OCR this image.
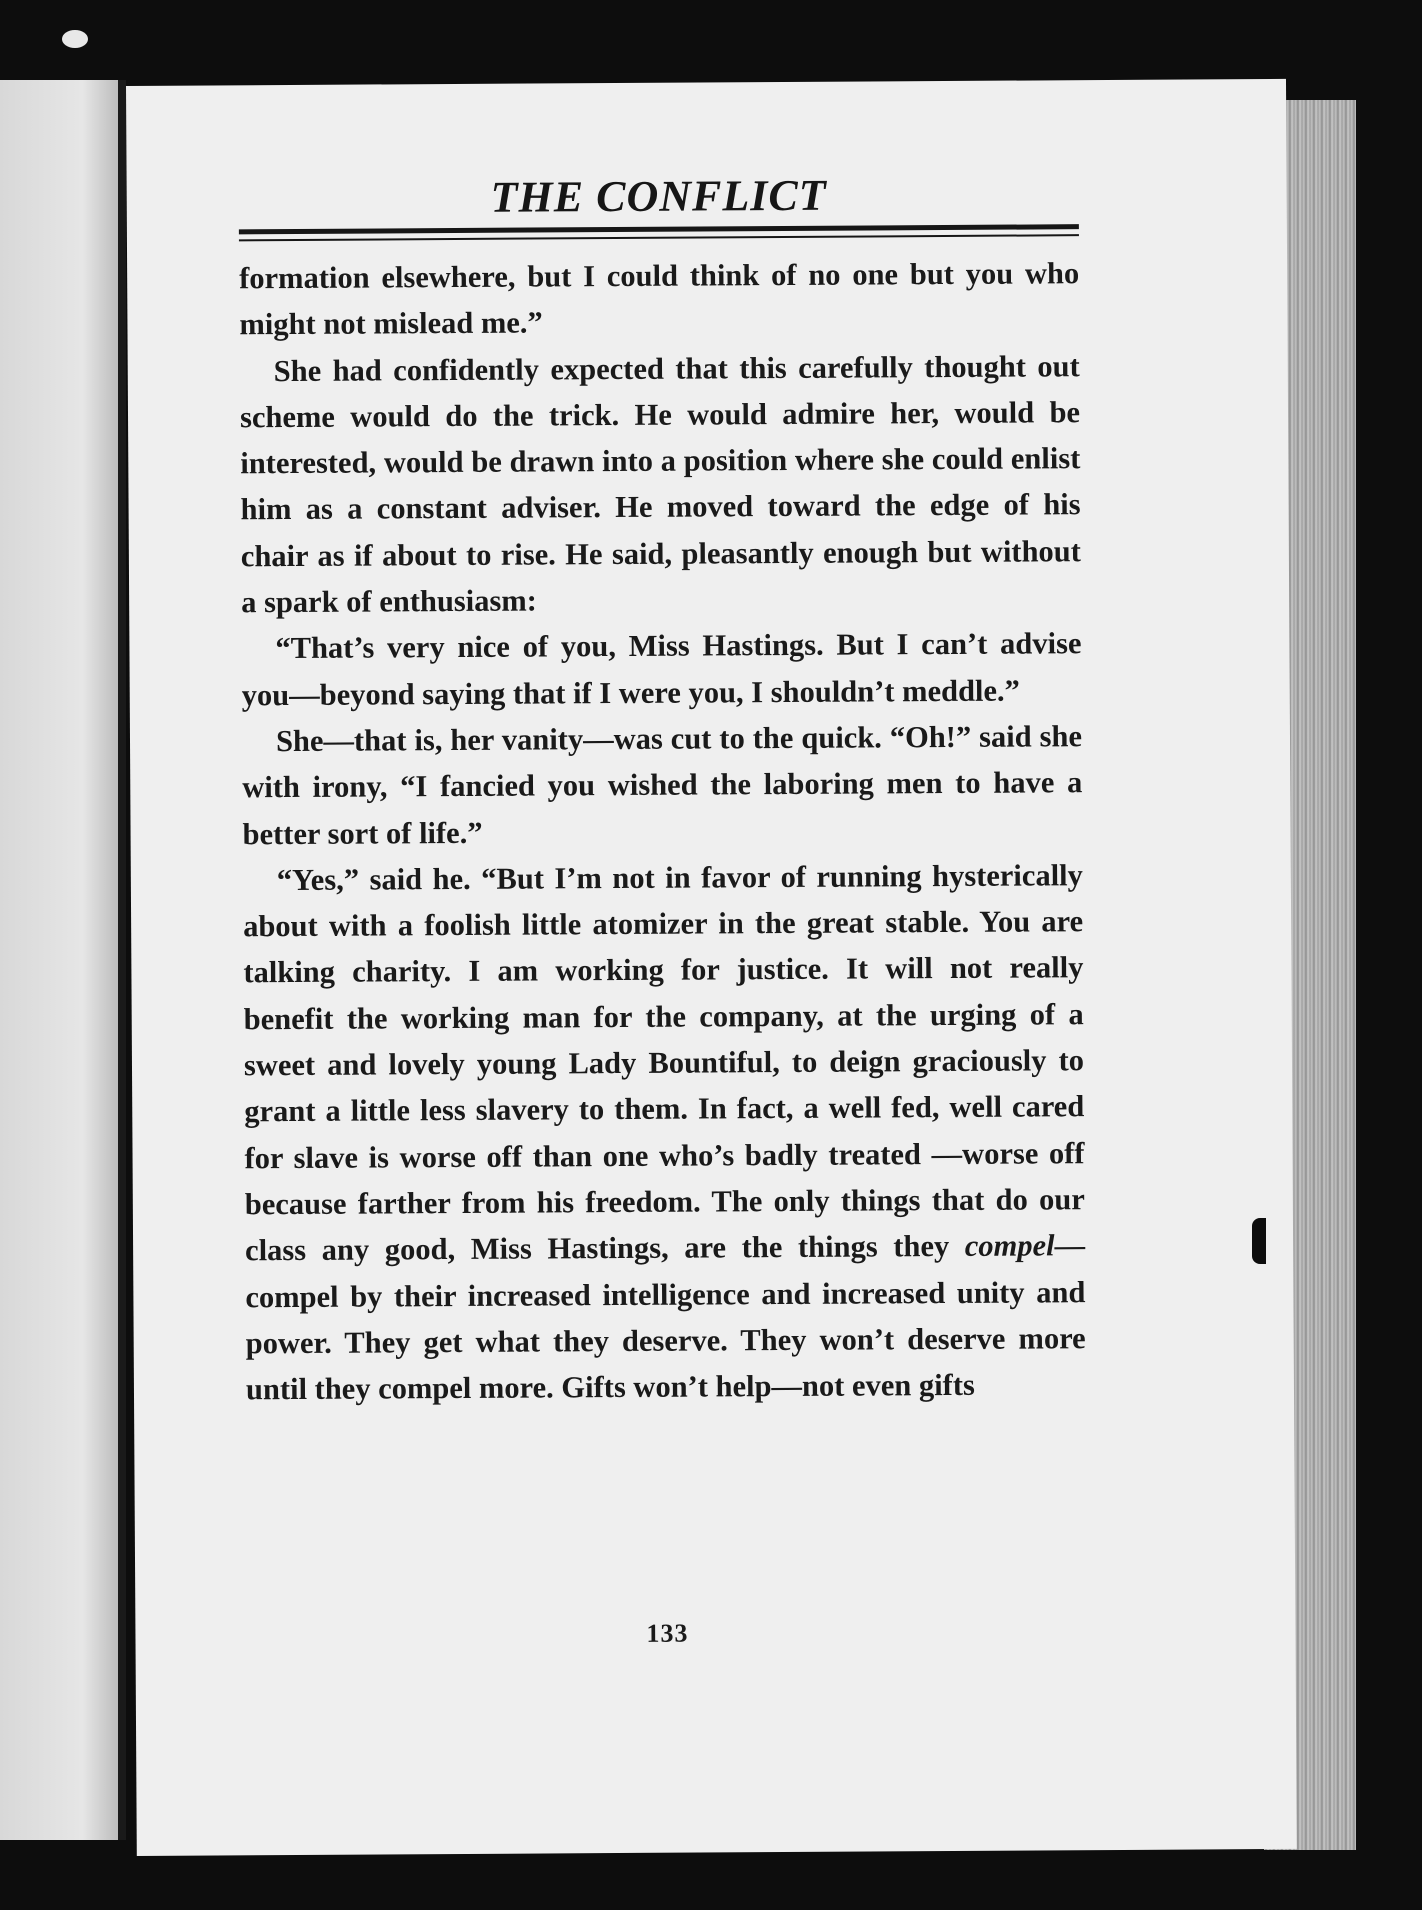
THE CONFLICT

formation elsewhere, but I could think of no one but you who might not mislead me.”

She had confidently expected that this carefully thought out scheme would do the trick. He would admire her, would be interested, would be drawn into a position where she could enlist him as a constant adviser. He moved toward the edge of his chair as if about to rise. He said, pleasantly enough but without a spark of enthusiasm:

“That’s very nice of you, Miss Hastings. But I can’t advise you—beyond saying that if I were you, I shouldn’t meddle.”

She—that is, her vanity—was cut to the quick. “Oh!” said she with irony, “I fancied you wished the laboring men to have a better sort of life.”

“Yes,” said he. “But I’m not in favor of running hysterically about with a foolish little atomizer in the great stable. You are talking charity. I am working for justice. It will not really benefit the working man for the company, at the urging of a sweet and lovely young Lady Bountiful, to deign graciously to grant a little less slavery to them. In fact, a well fed, well cared for slave is worse off than one who’s badly treated —worse off because farther from his freedom. The only things that do our class any good, Miss Hastings, are the things they compel—compel by their increased intelligence and increased unity and power. They get what they deserve. They won’t deserve more until they compel more. Gifts won’t help—not even gifts

133
